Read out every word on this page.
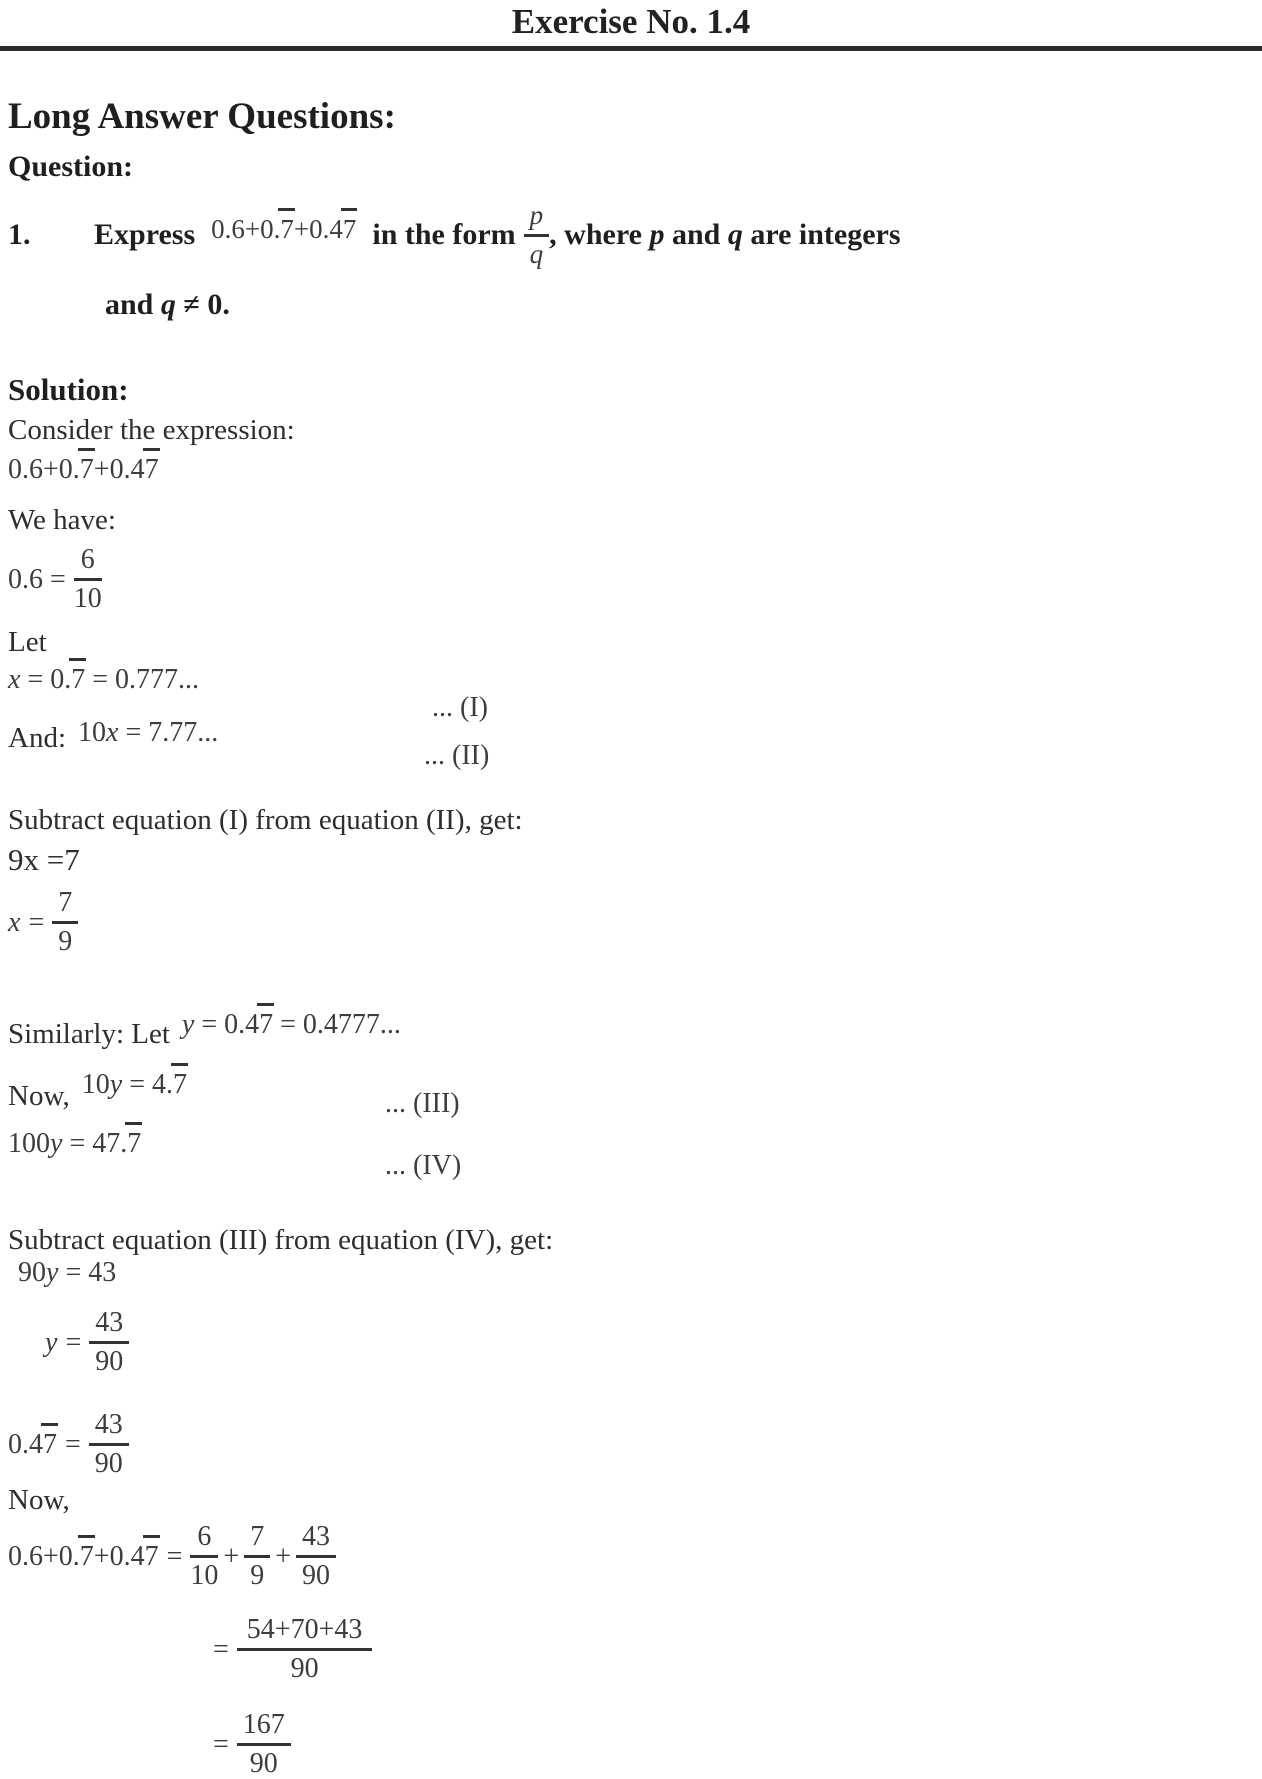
Exercise No. 1.4
Long Answer Questions:
Question:
1.	Express 0.6+0.7+0.47 in the form $\frac{p}{q}$ , where p and q are integers
and q ≠ 0.
Solution:
Consider the expression:
0.6+0.7+0.47
We have:
$0.6 = \frac{6}{10}$
Let
x = 0.7 = 0.777...
... (I)
And: 10x = 7.77...
... (II)
Subtract equation (I) from equation (II), get:
9x =7
$x = \frac{7}{9}$
Similarly: Let y = 0.47 = 0.4777...
Now, 10y = 4.7
... (III)
100y = 47.7
... (IV)
Subtract equation (III) from equation (IV), get:
90y = 43
$y = \frac{43}{90}$
$0.47 = \frac{43}{90}$
Now,
$0.6+0.7+0.47 = \frac{6}{10} + \frac{7}{9} + \frac{43}{90}$
= $\frac{54+70+43}{90}$
= $\frac{167}{90}$
